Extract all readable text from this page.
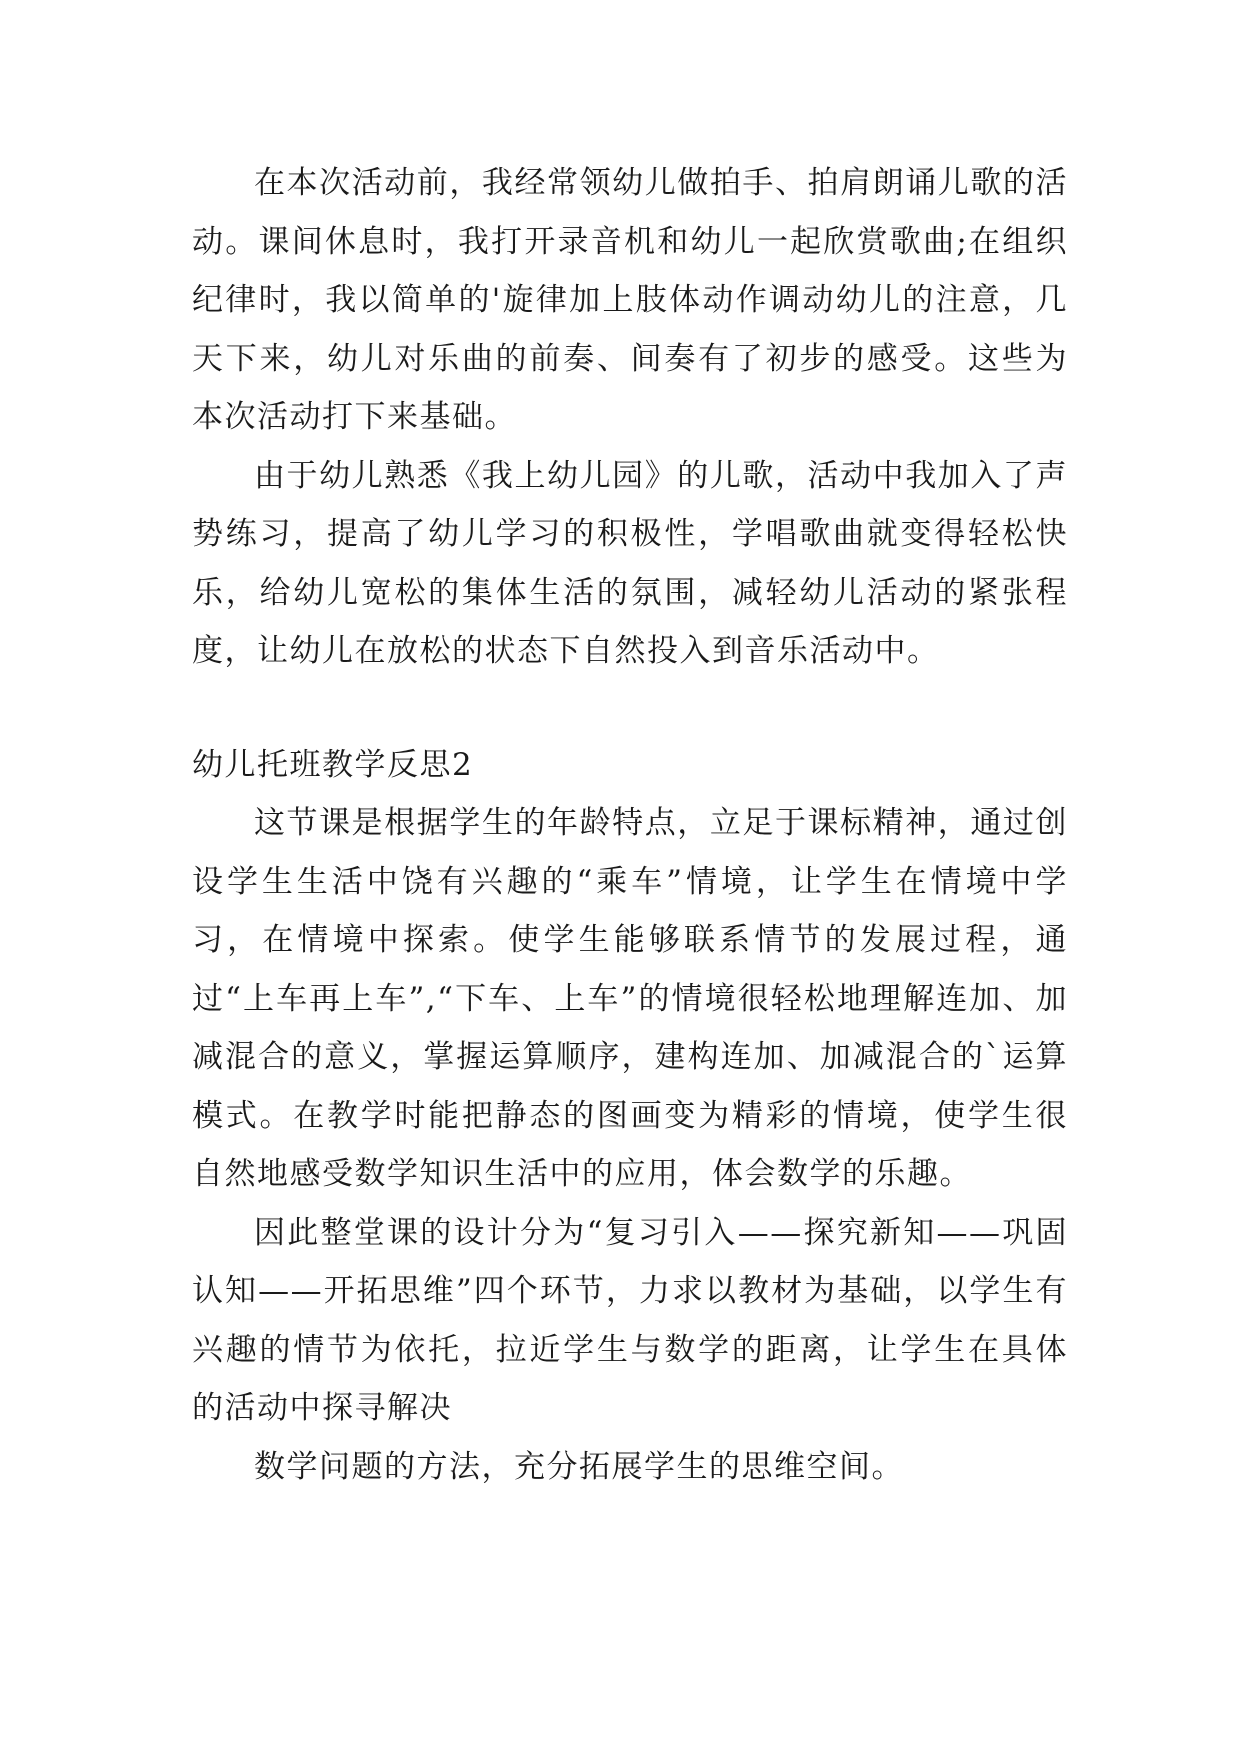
在本次活动前，我经常领幼儿做拍手、拍肩朗诵儿歌的活动。课间休息时，我打开录音机和幼儿一起欣赏歌曲;在组织纪律时，我以简单的'旋律加上肢体动作调动幼儿的注意，几天下来，幼儿对乐曲的前奏、间奏有了初步的感受。这些为本次活动打下来基础。

由于幼儿熟悉《我上幼儿园》的儿歌，活动中我加入了声势练习，提高了幼儿学习的积极性，学唱歌曲就变得轻松快乐，给幼儿宽松的集体生活的氛围，减轻幼儿活动的紧张程度，让幼儿在放松的状态下自然投入到音乐活动中。

幼儿托班教学反思2

这节课是根据学生的年龄特点，立足于课标精神，通过创设学生生活中饶有兴趣的“乘车”情境，让学生在情境中学习，在情境中探索。使学生能够联系情节的发展过程，通过“上车再上车”,“下车、上车”的情境很轻松地理解连加、加减混合的意义，掌握运算顺序，建构连加、加减混合的`运算模式。在教学时能把静态的图画变为精彩的情境，使学生很自然地感受数学知识生活中的应用，体会数学的乐趣。

因此整堂课的设计分为“复习引入——探究新知——巩固认知——开拓思维”四个环节，力求以教材为基础，以学生有兴趣的情节为依托，拉近学生与数学的距离，让学生在具体的活动中探寻解决

数学问题的方法，充分拓展学生的思维空间。
